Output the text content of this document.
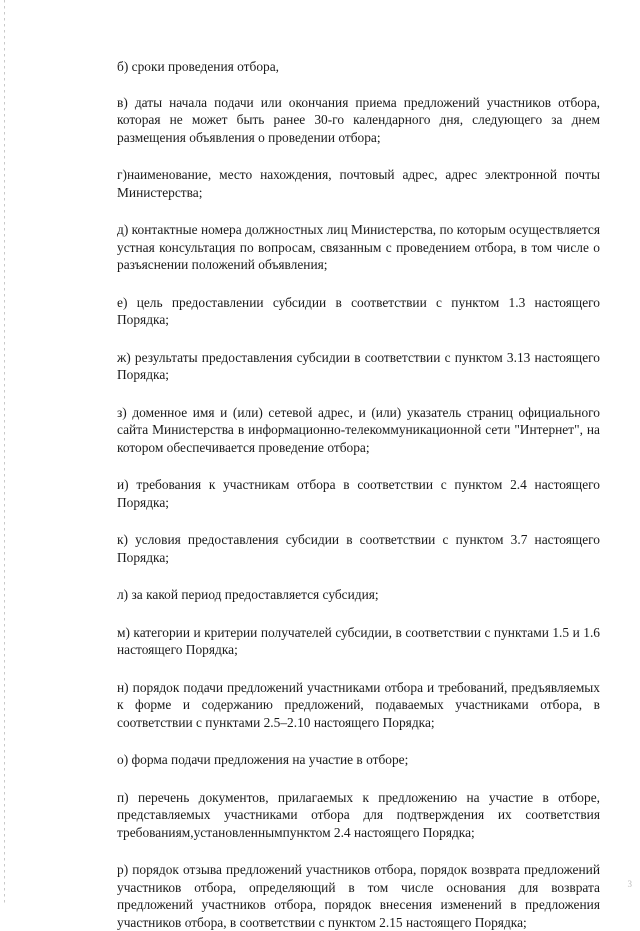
б) сроки проведения отбора,

в) даты начала подачи или окончания приема предложений участников отбора, которая не может быть ранее 30-го календарного дня, следующего за днем размещения объявления о проведении отбора;

г)наименование, место нахождения, почтовый адрес, адрес электронной почты Министерства;

д) контактные номера должностных лиц Министерства, по которым осуществляется устная консультация по вопросам, связанным с проведением отбора, в том числе о разъяснении положений объявления;

е) цель предоставлении субсидии в соответствии с пунктом 1.3 настоящего Порядка;

ж) результаты предоставления субсидии в соответствии с пунктом 3.13 настоящего Порядка;

з) доменное имя и (или) сетевой адрес, и (или) указатель страниц официального сайта Министерства в информационно-телекоммуникационной сети "Интернет", на котором обеспечивается проведение отбора;

и) требования к участникам отбора в соответствии с пунктом 2.4 настоящего Порядка;

к) условия предоставления субсидии в соответствии с пунктом 3.7 настоящего Порядка;

л) за какой период предоставляется субсидия;

м) категории и критерии получателей субсидии, в соответствии с пунктами 1.5 и 1.6 настоящего Порядка;

н) порядок подачи предложений участниками отбора и требований, предъявляемых к форме и содержанию предложений, подаваемых участниками отбора, в соответствии с пунктами 2.5–2.10 настоящего Порядка;

о) форма подачи предложения на участие в отборе;

п) перечень документов, прилагаемых к предложению на участие в отборе, представляемых участниками отбора для подтверждения их соответствия требованиям,установленнымпунктом 2.4 настоящего Порядка;

р) порядок отзыва предложений участников отбора, порядок возврата предложений участников отбора, определяющий в том числе основания для возврата предложений участников отбора, порядок внесения изменений в предложения участников отбора, в соответствии с пунктом 2.15 настоящего Порядка;

3
